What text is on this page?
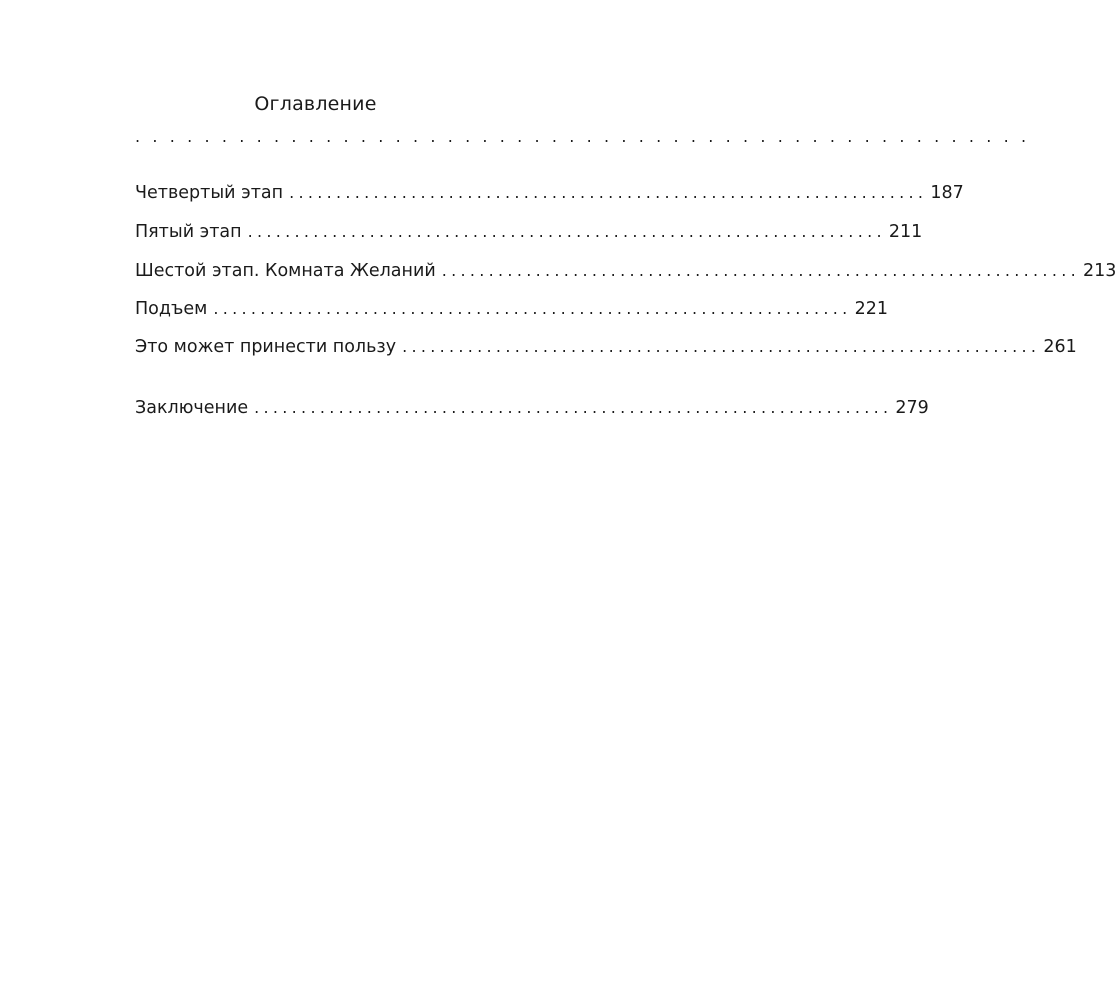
Оглавление
. . . . . . . . . . . . . . . . . . . . . . . . . . . . . . . . . . . . . . . . . . . . . . . . . . . .
Четвертый этап .................................................................... 187
Пятый этап .................................................................... 211
Шестой этап. Комната Желаний .................................................................... 213
Подъем .................................................................... 221
Это может принести пользу .................................................................... 261
Заключение .................................................................... 279
